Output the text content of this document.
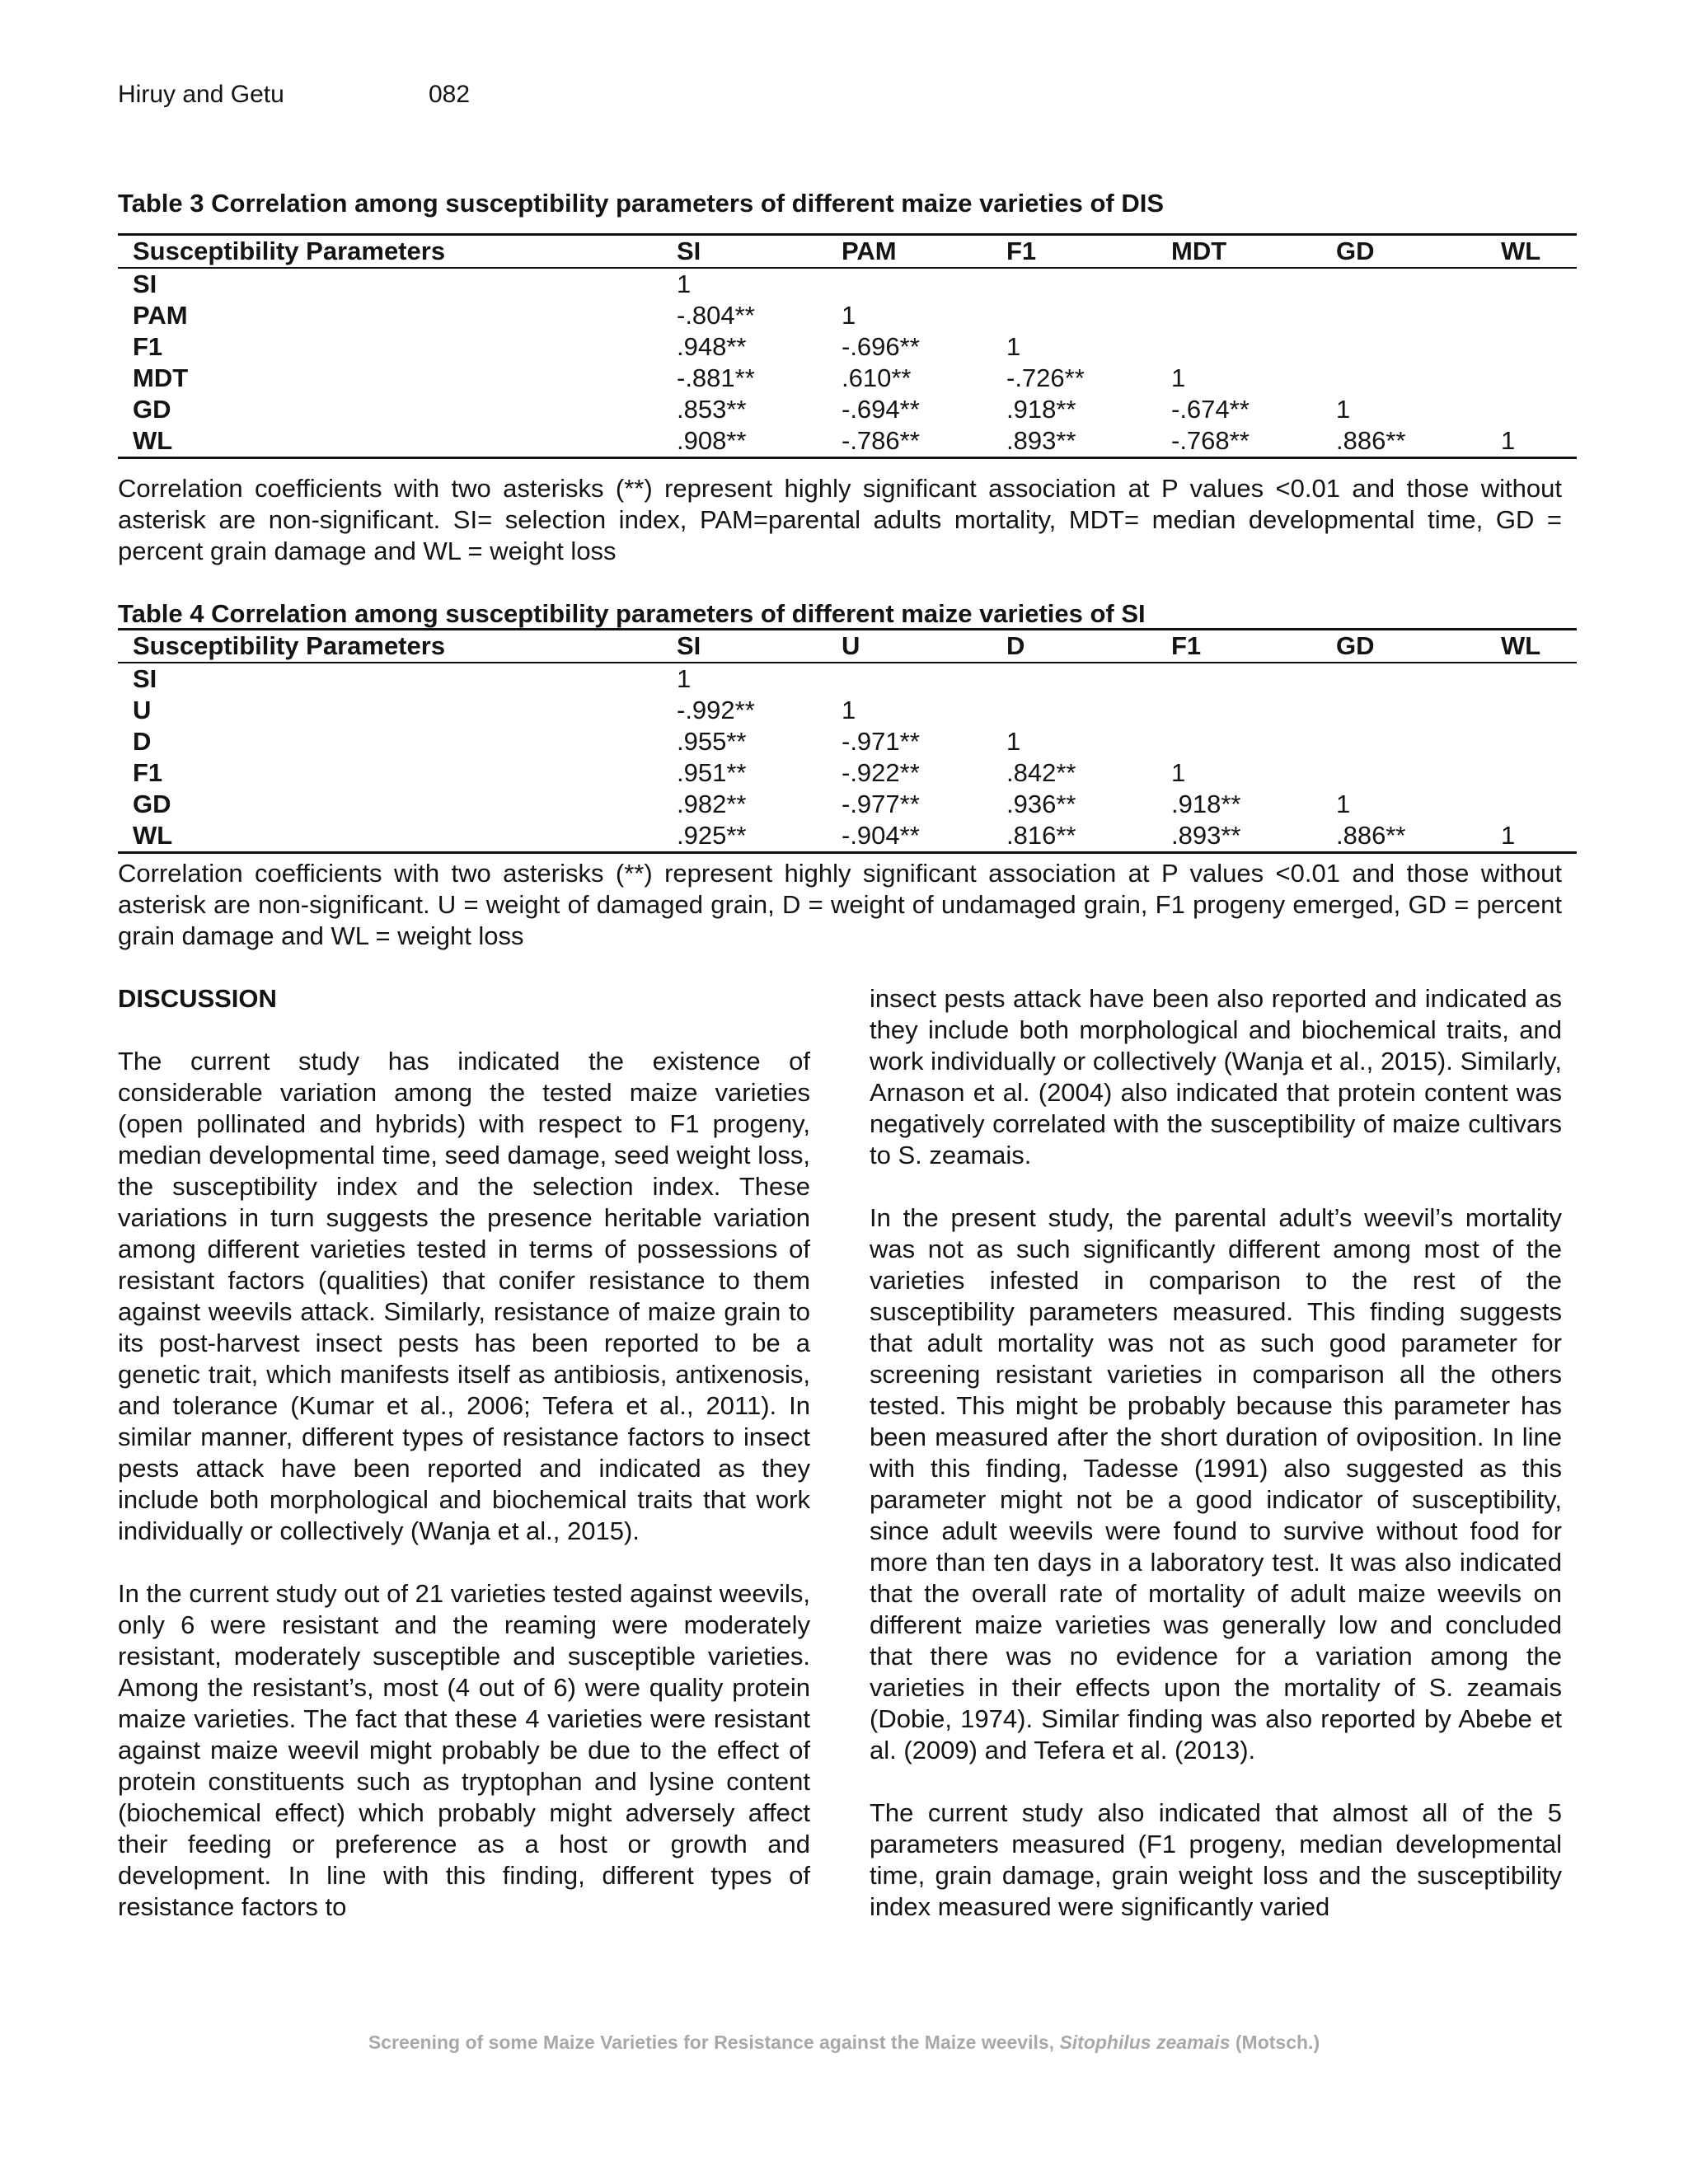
Hiruy and Getu	082
Table 3 Correlation among susceptibility parameters of different maize varieties of DIS
Susceptibility Parameters	SI	PAM	F1	MDT	GD	WL
SI	1					
PAM	-.804**	1				
F1	.948**	-.696**	1			
MDT	-.881**	.610**	-.726**	1		
GD	.853**	-.694**	.918**	-.674**	1	
WL	.908**	-.786**	.893**	-.768**	.886**	1
Correlation coefficients with two asterisks (**) represent highly significant association at P values <0.01 and those without asterisk are non-significant. SI= selection index, PAM=parental adults mortality, MDT= median developmental time, GD = percent grain damage and WL = weight loss
Table 4 Correlation among susceptibility parameters of different maize varieties of SI
Susceptibility Parameters	SI	U	D	F1	GD	WL
SI	1					
U	-.992**	1				
D	.955**	-.971**	1			
F1	.951**	-.922**	.842**	1		
GD	.982**	-.977**	.936**	.918**	1	
WL	.925**	-.904**	.816**	.893**	.886**	1
Correlation coefficients with two asterisks (**) represent highly significant association at P values <0.01 and those without asterisk are non-significant. U = weight of damaged grain, D = weight of undamaged grain, F1 progeny emerged, GD = percent grain damage and WL = weight loss
DISCUSSION

The current study has indicated the existence of considerable variation among the tested maize varieties (open pollinated and hybrids) with respect to F1 progeny, median developmental time, seed damage, seed weight loss, the susceptibility index and the selection index. These variations in turn suggests the presence heritable variation among different varieties tested in terms of possessions of resistant factors (qualities) that conifer resistance to them against weevils attack. Similarly, resistance of maize grain to its post-harvest insect pests has been reported to be a genetic trait, which manifests itself as antibiosis, antixenosis, and tolerance (Kumar et al., 2006; Tefera et al., 2011). In similar manner, different types of resistance factors to insect pests attack have been reported and indicated as they include both morphological and biochemical traits that work individually or collectively (Wanja et al., 2015).

In the current study out of 21 varieties tested against weevils, only 6 were resistant and the reaming were moderately resistant, moderately susceptible and susceptible varieties. Among the resistant’s, most (4 out of 6) were quality protein maize varieties. The fact that these 4 varieties were resistant against maize weevil might probably be due to the effect of protein constituents such as tryptophan and lysine content (biochemical effect) which probably might adversely affect their feeding or preference as a host or growth and development. In line with this finding, different types of resistance factors to

insect pests attack have been also reported and indicated as they include both morphological and biochemical traits, and work individually or collectively (Wanja et al., 2015). Similarly, Arnason et al. (2004) also indicated that protein content was negatively correlated with the susceptibility of maize cultivars to S. zeamais.

In the present study, the parental adult’s weevil’s mortality was not as such significantly different among most of the varieties infested in comparison to the rest of the susceptibility parameters measured. This finding suggests that adult mortality was not as such good parameter for screening resistant varieties in comparison all the others tested. This might be probably because this parameter has been measured after the short duration of oviposition. In line with this finding, Tadesse (1991) also suggested as this parameter might not be a good indicator of susceptibility, since adult weevils were found to survive without food for more than ten days in a laboratory test. It was also indicated that the overall rate of mortality of adult maize weevils on different maize varieties was generally low and concluded that there was no evidence for a variation among the varieties in their effects upon the mortality of S. zeamais (Dobie, 1974). Similar finding was also reported by Abebe et al. (2009) and Tefera et al. (2013).

The current study also indicated that almost all of the 5 parameters measured (F1 progeny, median developmental time, grain damage, grain weight loss and the susceptibility index measured were significantly varied

Screening of some Maize Varieties for Resistance against the Maize weevils, Sitophilus zeamais (Motsch.)
